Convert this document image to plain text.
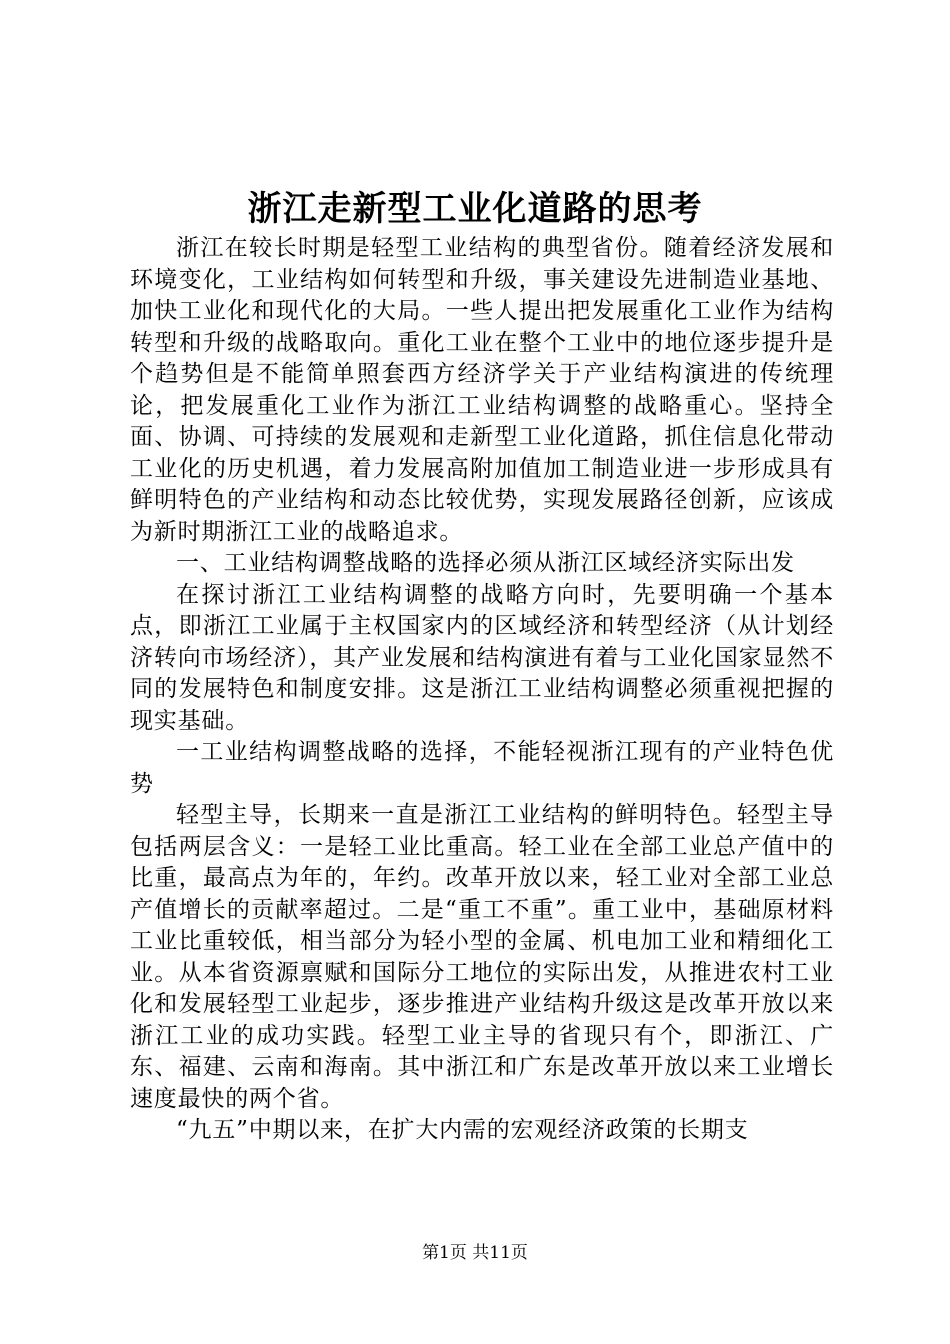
浙江走新型工业化道路的思考

浙江在较长时期是轻型工业结构的典型省份。随着经济发展和环境变化，工业结构如何转型和升级，事关建设先进制造业基地、加快工业化和现代化的大局。一些人提出把发展重化工业作为结构转型和升级的战略取向。重化工业在整个工业中的地位逐步提升是个趋势但是不能简单照套西方经济学关于产业结构演进的传统理论，把发展重化工业作为浙江工业结构调整的战略重心。坚持全面、协调、可持续的发展观和走新型工业化道路，抓住信息化带动工业化的历史机遇，着力发展高附加值加工制造业进一步形成具有鲜明特色的产业结构和动态比较优势，实现发展路径创新，应该成为新时期浙江工业的战略追求。

一、工业结构调整战略的选择必须从浙江区域经济实际出发

在探讨浙江工业结构调整的战略方向时，先要明确一个基本点，即浙江工业属于主权国家内的区域经济和转型经济（从计划经济转向市场经济），其产业发展和结构演进有着与工业化国家显然不同的发展特色和制度安排。这是浙江工业结构调整必须重视把握的现实基础。

一工业结构调整战略的选择，不能轻视浙江现有的产业特色优势

轻型主导，长期来一直是浙江工业结构的鲜明特色。轻型主导包括两层含义：一是轻工业比重高。轻工业在全部工业总产值中的比重，最高点为年的，年约。改革开放以来，轻工业对全部工业总产值增长的贡献率超过。二是“重工不重”。重工业中，基础原材料工业比重较低，相当部分为轻小型的金属、机电加工业和精细化工业。从本省资源禀赋和国际分工地位的实际出发，从推进农村工业化和发展轻型工业起步，逐步推进产业结构升级这是改革开放以来浙江工业的成功实践。轻型工业主导的省现只有个，即浙江、广东、福建、云南和海南。其中浙江和广东是改革开放以来工业增长速度最快的两个省。

“九五”中期以来，在扩大内需的宏观经济政策的长期支

第1页 共11页
